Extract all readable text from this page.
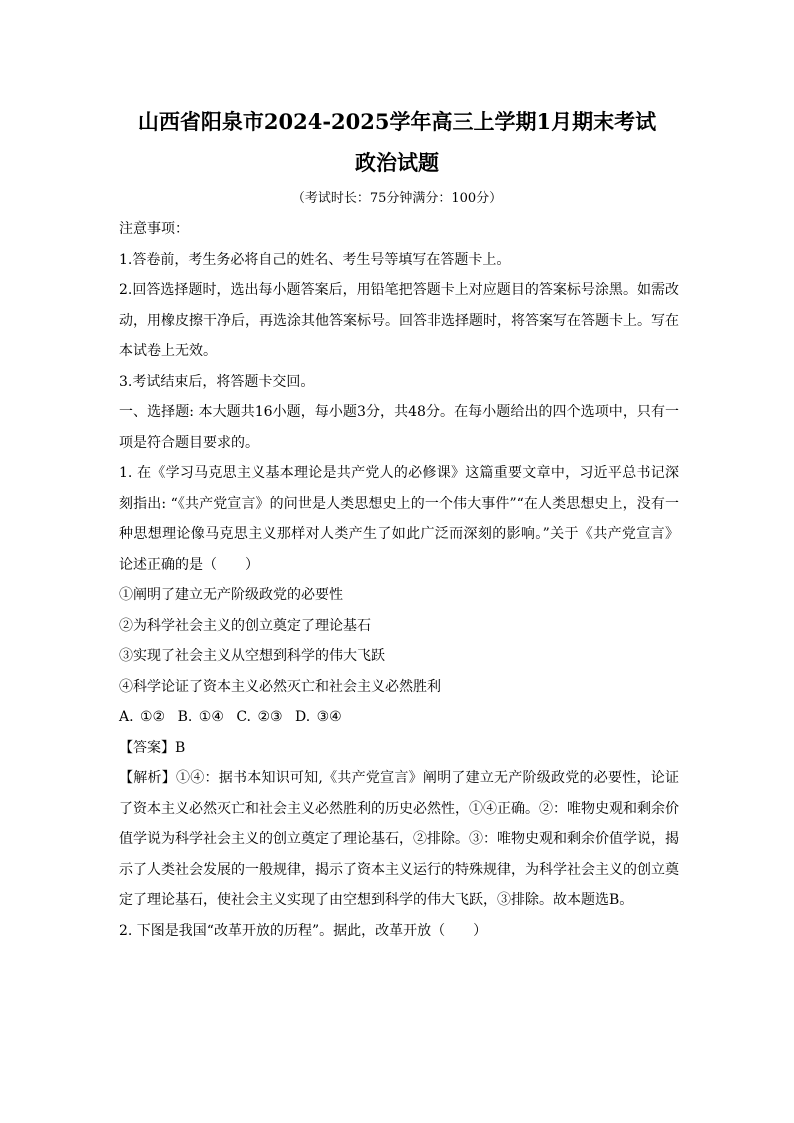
山西省阳泉市2024-2025学年高三上学期1月期末考试
政治试题
（考试时长：75分钟满分：100分）
注意事项：
1.答卷前，考生务必将自己的姓名、考生号等填写在答题卡上。
2.回答选择题时，选出每小题答案后，用铅笔把答题卡上对应题目的答案标号涂黑。如需改动，用橡皮擦干净后，再选涂其他答案标号。回答非选择题时，将答案写在答题卡上。写在本试卷上无效。
3.考试结束后，将答题卡交回。
一、选择题: 本大题共16小题，每小题3分，共48分。在每小题给出的四个选项中，只有一项是符合题目要求的。
1. 在《学习马克思主义基本理论是共产党人的必修课》这篇重要文章中，习近平总书记深刻指出: “《共产党宣言》的问世是人类思想史上的一个伟大事件”“在人类思想史上，没有一种思想理论像马克思主义那样对人类产生了如此广泛而深刻的影响。”关于《共产党宣言》论述正确的是（　　）
①阐明了建立无产阶级政党的必要性
②为科学社会主义的创立奠定了理论基石
③实现了社会主义从空想到科学的伟大飞跃
④科学论证了资本主义必然灭亡和社会主义必然胜利
A. ①② B. ①④ C. ②③ D. ③④
【答案】B
【解析】①④：据书本知识可知,《共产党宣言》阐明了建立无产阶级政党的必要性，论证了资本主义必然灭亡和社会主义必然胜利的历史必然性，①④正确。②：唯物史观和剩余价值学说为科学社会主义的创立奠定了理论基石，②排除。③：唯物史观和剩余价值学说，揭示了人类社会发展的一般规律，揭示了资本主义运行的特殊规律，为科学社会主义的创立奠定了理论基石，使社会主义实现了由空想到科学的伟大飞跃，③排除。故本题选B。
2. 下图是我国“改革开放的历程”。据此，改革开放（　　）
